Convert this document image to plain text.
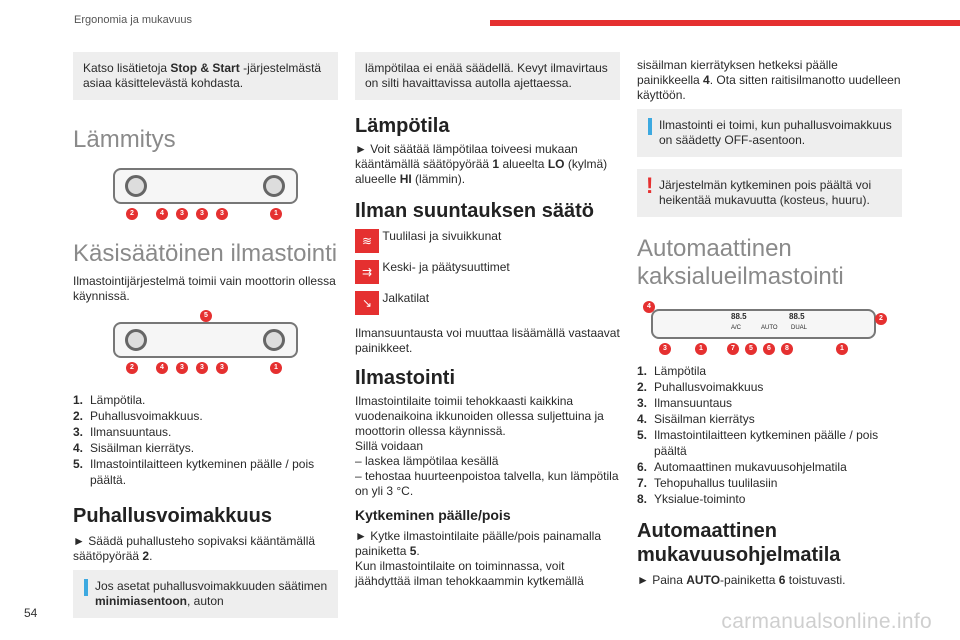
Ergonomia ja mukavuus
Katso lisätietoja Stop & Start -järjestelmästä asiaa käsittelevästä kohdasta.
Lämmitys
2	4	3	3	3	1
Käsisäätöinen ilmastointi
Ilmastointijärjestelmä toimii vain moottorin ollessa käynnissä.
5
2	4	3	3	3	1
1. Lämpötila.
2. Puhallusvoimakkuus.
3. Ilmansuuntaus.
4. Sisäilman kierrätys.
5. Ilmastointilaitteen kytkeminen päälle / pois päältä.
Puhallusvoimakkuus
► Säädä puhallusteho sopivaksi kääntämällä säätöpyörää 2.
Jos asetat puhallusvoimakkuuden säätimen minimiasentoon, auton
lämpötilaa ei enää säädellä. Kevyt ilmavirtaus on silti havaittavissa autolla ajettaessa.
Lämpötila
► Voit säätää lämpötilaa toiveesi mukaan kääntämällä säätöpyörää 1 alueelta LO (kylmä) alueelle HI (lämmin).
Ilman suuntauksen säätö
≋ Tuulilasi ja sivuikkunat
⇉ Keski- ja päätysuuttimet
↘ Jalkatilat
Ilmansuuntausta voi muuttaa lisäämällä vastaavat painikkeet.
Ilmastointi
Ilmastointilaite toimii tehokkaasti kaikkina vuodenaikoina ikkunoiden ollessa suljettuina ja moottorin ollessa käynnissä.
Sillä voidaan
– laskea lämpötilaa kesällä
– tehostaa huurteenpoistoa talvella, kun lämpötila on yli 3 °C.
Kytkeminen päälle/pois
► Kytke ilmastointilaite päälle/pois painamalla painiketta 5.
Kun ilmastointilaite on toiminnassa, voit jäähdyttää ilman tehokkaammin kytkemällä
sisäilman kierrätyksen hetkeksi päälle painikkeella 4. Ota sitten raitisilmanotto uudelleen käyttöön.
Ilmastointi ei toimi, kun puhallusvoimakkuus on säädetty OFF-asentoon.
! Järjestelmän kytkeminen pois päältä voi heikentää mukavuutta (kosteus, huuru).
Automaattinen kaksialueilmastointi
4
88.5	88.5
A/C	AUTO DUAL
2
3	1	7	5	6	8	1
1. Lämpötila
2. Puhallusvoimakkuus
3. Ilmansuuntaus
4. Sisäilman kierrätys
5. Ilmastointilaitteen kytkeminen päälle / pois päältä
6. Automaattinen mukavuusohjelmatila
7. Tehopuhallus tuulilasiin
8. Yksialue-toiminto
Automaattinen mukavuusohjelmatila
► Paina AUTO-painiketta 6 toistuvasti.
54	carmanualsonline.info
